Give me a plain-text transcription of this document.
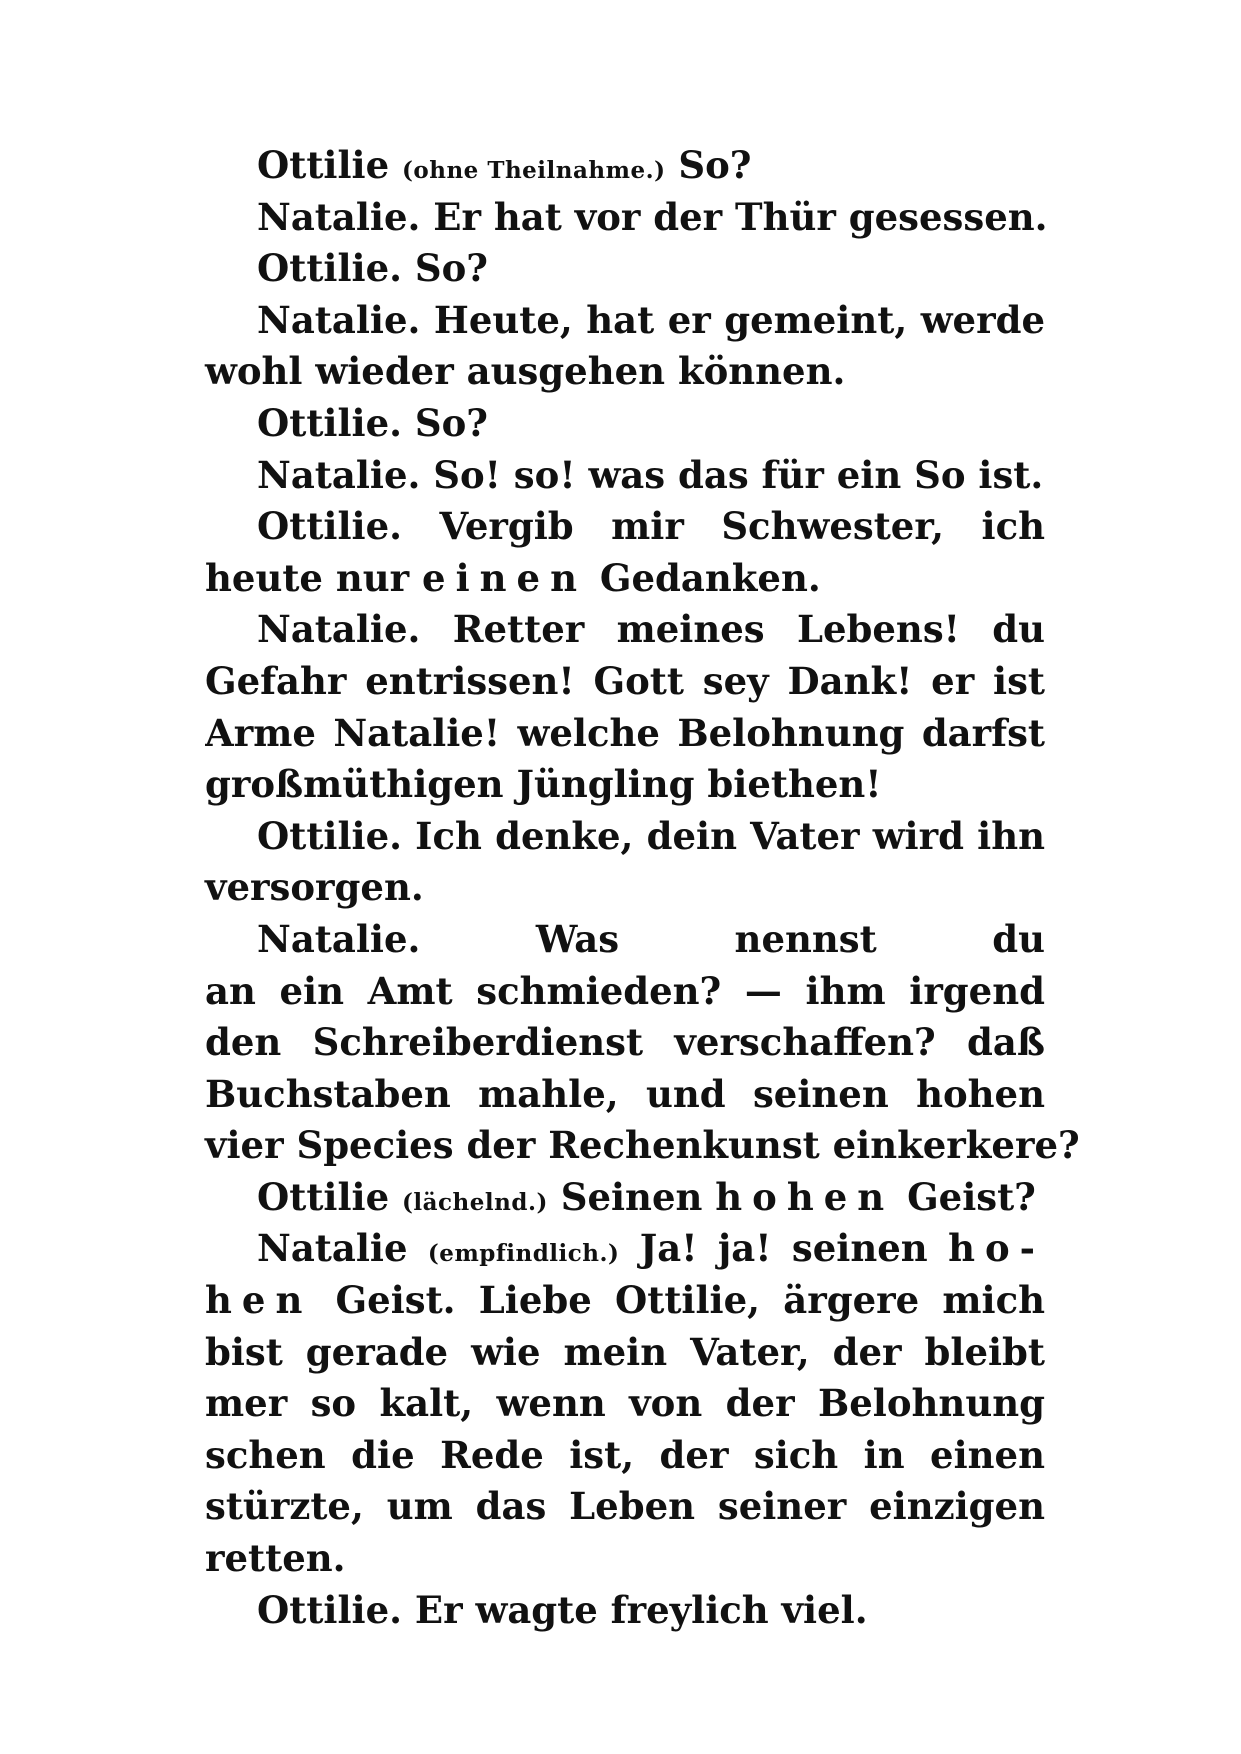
Ottilie (ohne Theilnahme.) So?
Natalie. Er hat vor der Thür gesessen.
Ottilie. So?
Natalie. Heute, hat er gemeint, werde
wohl wieder ausgehen können.
Ottilie. So?
Natalie. So! so! was das für ein So ist.
Ottilie. Vergib mir Schwester, ich
heute nur einen Gedanken.
Natalie. Retter meines Lebens! du
Gefahr entrissen! Gott sey Dank! er ist
Arme Natalie! welche Belohnung darfst
großmüthigen Jüngling biethen!
Ottilie. Ich denke, dein Vater wird ihn
versorgen.
Natalie. Was nennst du
an ein Amt schmieden? — ihm irgend
den Schreiberdienst verschaffen? daß
Buchstaben mahle, und seinen hohen
vier Species der Rechenkunst einkerkere?
Ottilie (lächelnd.) Seinen hohen Geist?
Natalie (empfindlich.) Ja! ja! seinen ho-
hen Geist. Liebe Ottilie, ärgere mich
bist gerade wie mein Vater, der bleibt
mer so kalt, wenn von der Belohnung
schen die Rede ist, der sich in einen
stürzte, um das Leben seiner einzigen
retten.
Ottilie. Er wagte freylich viel.
